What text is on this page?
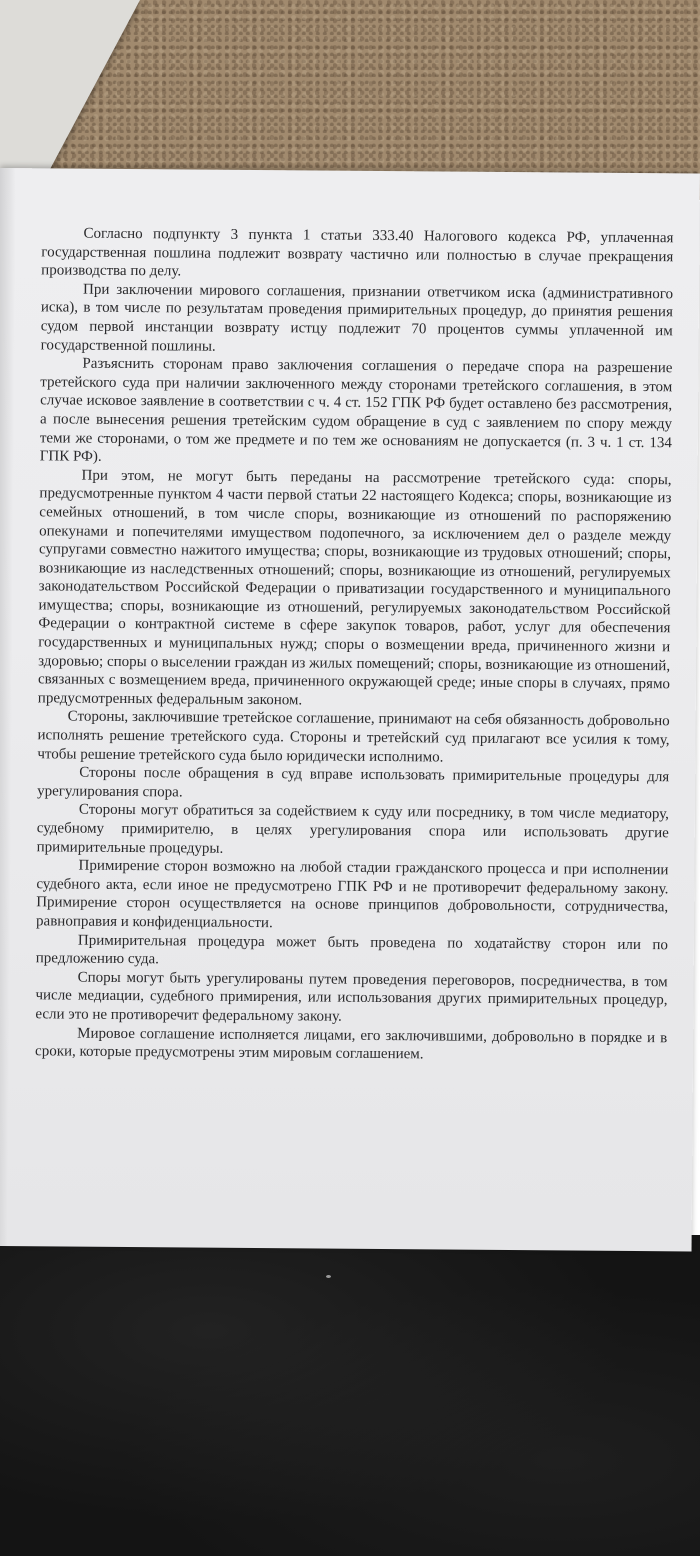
Согласно подпункту 3 пункта 1 статьи 333.40 Налогового кодекса РФ, уплаченная государственная пошлина подлежит возврату частично или полностью в случае прекращения производства по делу.

При заключении мирового соглашения, признании ответчиком иска (административного иска), в том числе по результатам проведения примирительных процедур, до принятия решения судом первой инстанции возврату истцу подлежит 70 процентов суммы уплаченной им государственной пошлины.

Разъяснить сторонам право заключения соглашения о передаче спора на разрешение третейского суда при наличии заключенного между сторонами третейского соглашения, в этом случае исковое заявление в соответствии с ч. 4 ст. 152 ГПК РФ будет оставлено без рассмотрения, а после вынесения решения третейским судом обращение в суд с заявлением по спору между теми же сторонами, о том же предмете и по тем же основаниям не допускается (п. 3 ч. 1 ст. 134 ГПК РФ).

При этом, не могут быть переданы на рассмотрение третейского суда: споры, предусмотренные пунктом 4 части первой статьи 22 настоящего Кодекса; споры, возникающие из семейных отношений, в том числе споры, возникающие из отношений по распоряжению опекунами и попечителями имуществом подопечного, за исключением дел о разделе между супругами совместно нажитого имущества; споры, возникающие из трудовых отношений; споры, возникающие из наследственных отношений; споры, возникающие из отношений, регулируемых законодательством Российской Федерации о приватизации государственного и муниципального имущества; споры, возникающие из отношений, регулируемых законодательством Российской Федерации о контрактной системе в сфере закупок товаров, работ, услуг для обеспечения государственных и муниципальных нужд; споры о возмещении вреда, причиненного жизни и здоровью; споры о выселении граждан из жилых помещений; споры, возникающие из отношений, связанных с возмещением вреда, причиненного окружающей среде; иные споры в случаях, прямо предусмотренных федеральным законом.

Стороны, заключившие третейское соглашение, принимают на себя обязанность добровольно исполнять решение третейского суда. Стороны и третейский суд прилагают все усилия к тому, чтобы решение третейского суда было юридически исполнимо.

Стороны после обращения в суд вправе использовать примирительные процедуры для урегулирования спора.

Стороны могут обратиться за содействием к суду или посреднику, в том числе медиатору, судебному примирителю, в целях урегулирования спора или использовать другие примирительные процедуры.

Примирение сторон возможно на любой стадии гражданского процесса и при исполнении судебного акта, если иное не предусмотрено ГПК РФ и не противоречит федеральному закону. Примирение сторон осуществляется на основе принципов добровольности, сотрудничества, равноправия и конфиденциальности.

Примирительная процедура может быть проведена по ходатайству сторон или по предложению суда.

Споры могут быть урегулированы путем проведения переговоров, посредничества, в том числе медиации, судебного примирения, или использования других примирительных процедур, если это не противоречит федеральному закону.

Мировое соглашение исполняется лицами, его заключившими, добровольно в порядке и в сроки, которые предусмотрены этим мировым соглашением.
